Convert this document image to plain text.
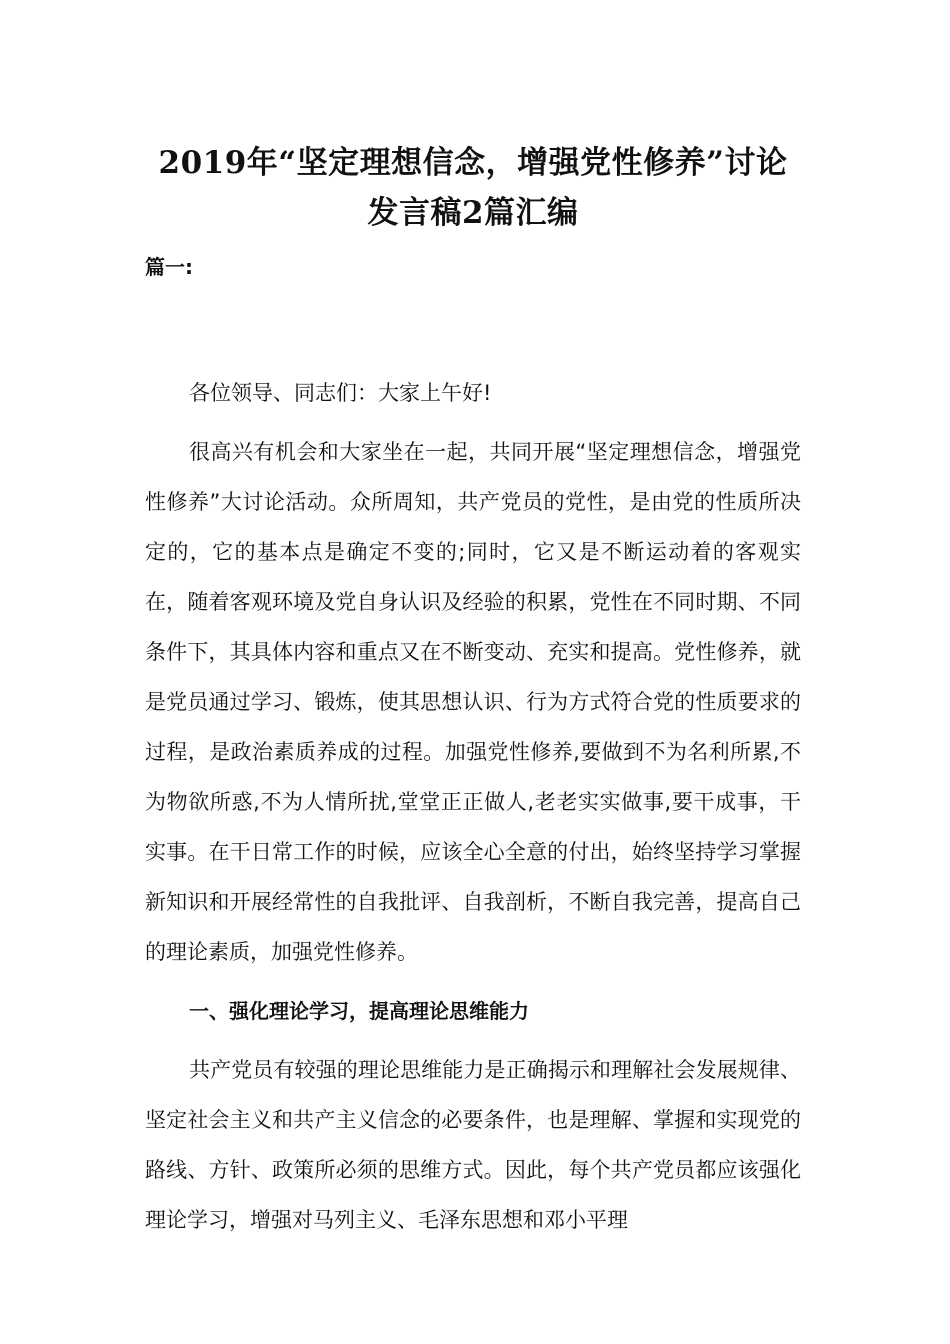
2019年“坚定理想信念，增强党性修养”讨论发言稿2篇汇编

篇一:

各位领导、同志们：大家上午好!

很高兴有机会和大家坐在一起，共同开展“坚定理想信念，增强党性修养”大讨论活动。众所周知，共产党员的党性，是由党的性质所决定的，它的基本点是确定不变的;同时，它又是不断运动着的客观实在，随着客观环境及党自身认识及经验的积累，党性在不同时期、不同条件下，其具体内容和重点又在不断变动、充实和提高。党性修养，就是党员通过学习、锻炼，使其思想认识、行为方式符合党的性质要求的过程，是政治素质养成的过程。加强党性修养,要做到不为名利所累,不为物欲所惑,不为人情所扰,堂堂正正做人,老老实实做事,要干成事，干实事。在干日常工作的时候，应该全心全意的付出，始终坚持学习掌握新知识和开展经常性的自我批评、自我剖析，不断自我完善，提高自己的理论素质，加强党性修养。

一、强化理论学习，提高理论思维能力

共产党员有较强的理论思维能力是正确揭示和理解社会发展规律、坚定社会主义和共产主义信念的必要条件，也是理解、掌握和实现党的路线、方针、政策所必须的思维方式。因此，每个共产党员都应该强化理论学习，增强对马列主义、毛泽东思想和邓小平理
